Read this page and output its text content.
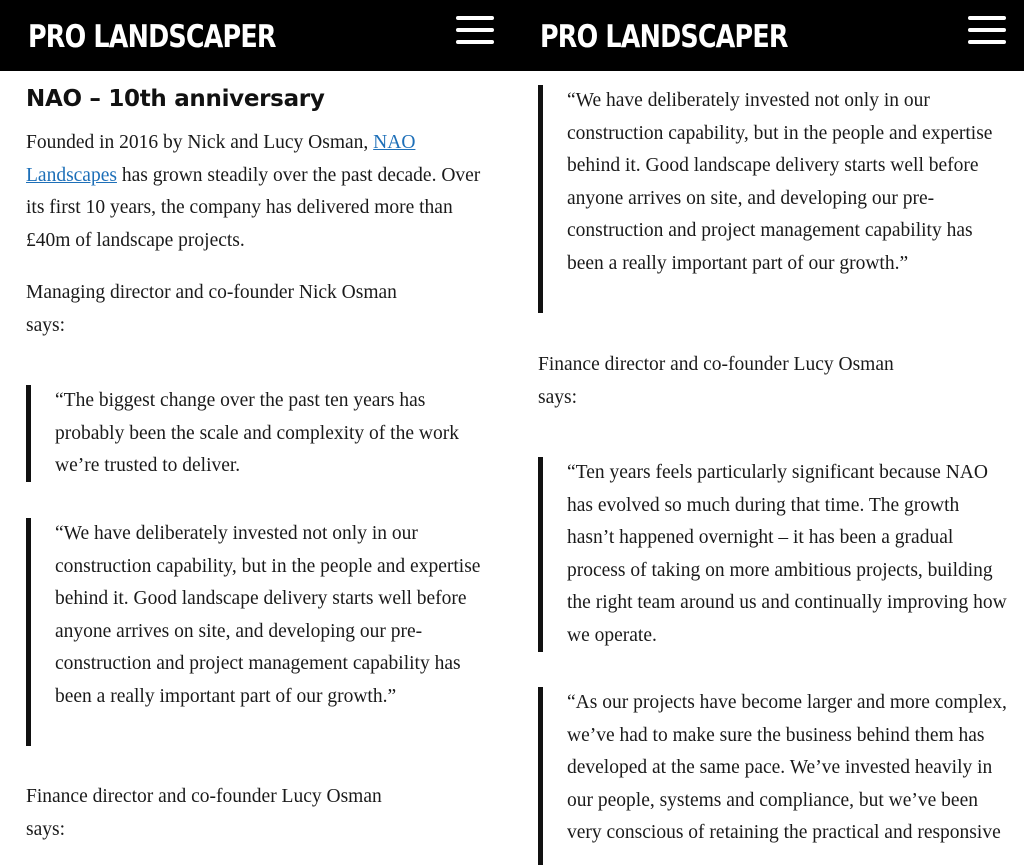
PRO LANDSCAPER
NAO – 10th anniversary

Founded in 2016 by Nick and Lucy Osman, NAO Landscapes has grown steadily over the past decade. Over its first 10 years, the company has delivered more than £40m of landscape projects.

Managing director and co-founder Nick Osman
says:

“The biggest change over the past ten years has probably been the scale and complexity of the work we’re trusted to deliver.

“We have deliberately invested not only in our construction capability, but in the people and expertise behind it. Good landscape delivery starts well before anyone arrives on site, and developing our pre-construction and project management capability has been a really important part of our growth.”

Finance director and co-founder Lucy Osman
says:

PRO LANDSCAPER

“We have deliberately invested not only in our construction capability, but in the people and expertise behind it. Good landscape delivery starts well before anyone arrives on site, and developing our pre-construction and project management capability has been a really important part of our growth.”

Finance director and co-founder Lucy Osman
says:

“Ten years feels particularly significant because NAO has evolved so much during that time. The growth hasn’t happened overnight – it has been a gradual process of taking on more ambitious projects, building the right team around us and continually improving how we operate.

“As our projects have become larger and more complex, we’ve had to make sure the business behind them has developed at the same pace. We’ve invested heavily in our people, systems and compliance, but we’ve been very conscious of retaining the practical and responsive
